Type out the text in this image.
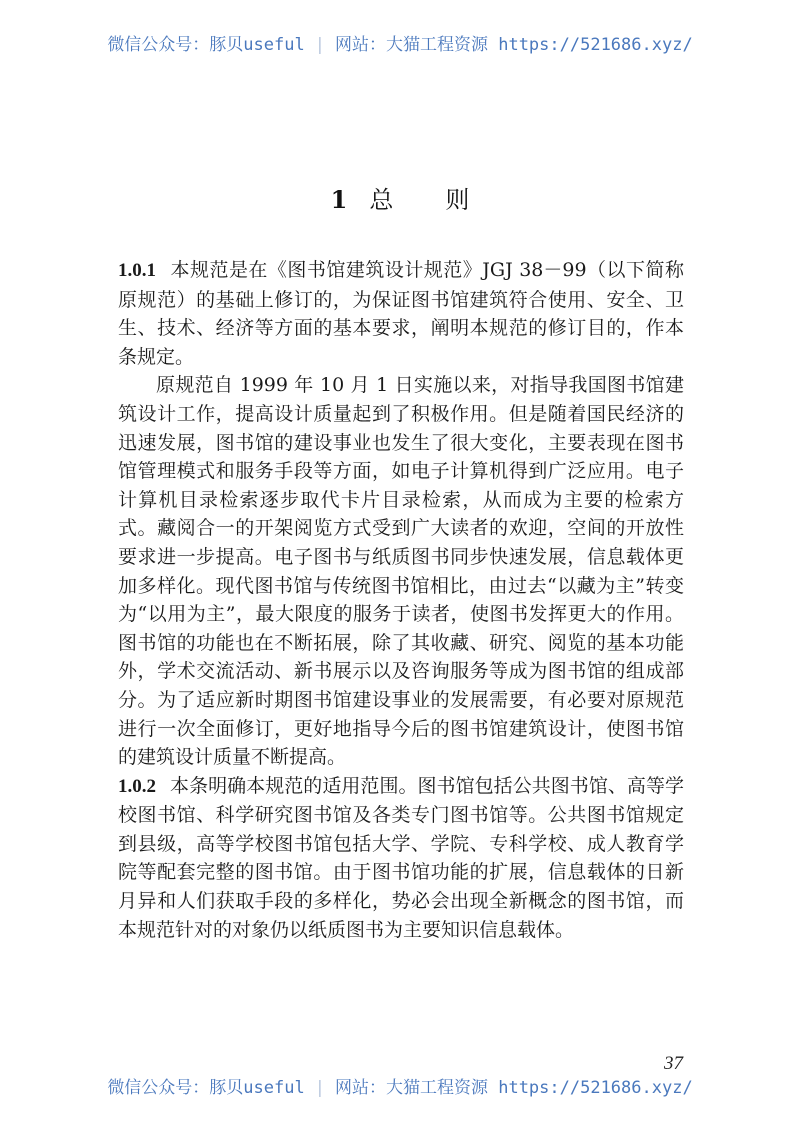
微信公众号：豚贝useful | 网站：大猫工程资源 https://521686.xyz/
1 总 则

1.0.1 本规范是在《图书馆建筑设计规范》JGJ 38－99（以下简称原规范）的基础上修订的，为保证图书馆建筑符合使用、安全、卫生、技术、经济等方面的基本要求，阐明本规范的修订目的，作本条规定。

原规范自 1999 年 10 月 1 日实施以来，对指导我国图书馆建筑设计工作，提高设计质量起到了积极作用。但是随着国民经济的迅速发展，图书馆的建设事业也发生了很大变化，主要表现在图书馆管理模式和服务手段等方面，如电子计算机得到广泛应用。电子计算机目录检索逐步取代卡片目录检索，从而成为主要的检索方式。藏阅合一的开架阅览方式受到广大读者的欢迎，空间的开放性要求进一步提高。电子图书与纸质图书同步快速发展，信息载体更加多样化。现代图书馆与传统图书馆相比，由过去“以藏为主”转变为“以用为主”，最大限度的服务于读者，使图书发挥更大的作用。图书馆的功能也在不断拓展，除了其收藏、研究、阅览的基本功能外，学术交流活动、新书展示以及咨询服务等成为图书馆的组成部分。为了适应新时期图书馆建设事业的发展需要，有必要对原规范进行一次全面修订，更好地指导今后的图书馆建筑设计，使图书馆的建筑设计质量不断提高。

1.0.2 本条明确本规范的适用范围。图书馆包括公共图书馆、高等学校图书馆、科学研究图书馆及各类专门图书馆等。公共图书馆规定到县级，高等学校图书馆包括大学、学院、专科学校、成人教育学院等配套完整的图书馆。由于图书馆功能的扩展，信息载体的日新月异和人们获取手段的多样化，势必会出现全新概念的图书馆，而本规范针对的对象仍以纸质图书为主要知识信息载体。

37
微信公众号：豚贝useful | 网站：大猫工程资源 https://521686.xyz/
